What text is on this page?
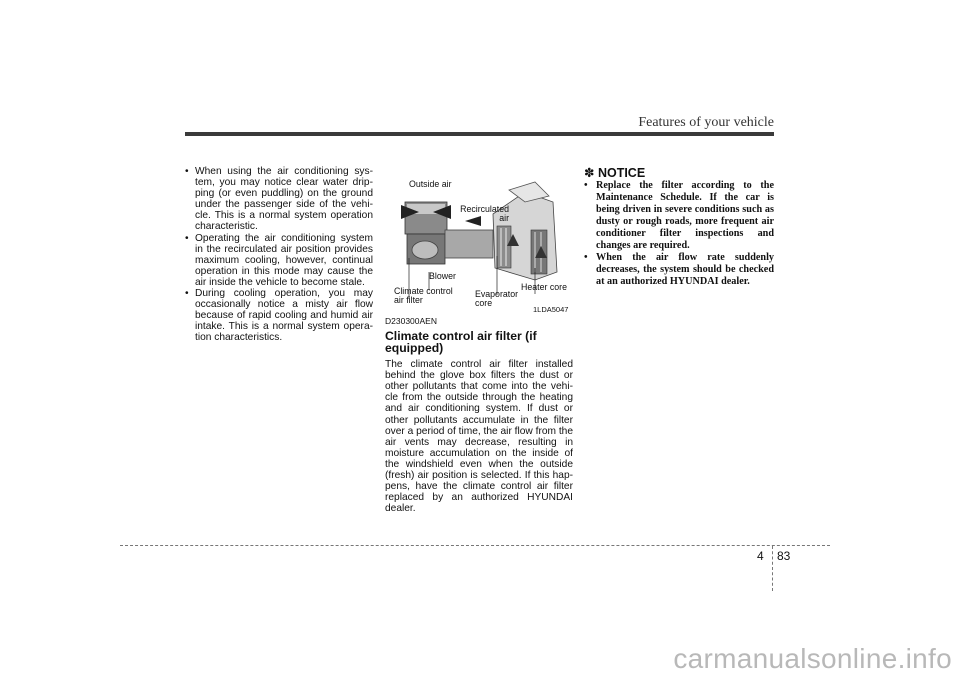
Features of your vehicle
• When using the air conditioning sys-tem, you may notice clear water drip-ping (or even puddling) on the ground under the passenger side of the vehi-cle. This is a normal system operation characteristic.
• Operating the air conditioning system in the recirculated air position provides maximum cooling, however, continual operation in this mode may cause the air inside the vehicle to become stale.
• During cooling operation, you may occasionally notice a misty air flow because of rapid cooling and humid air intake. This is a normal system opera-tion characteristics.
Outside air
Recirculated air
Blower
Climate control air filter
Evaporator core
Heater core
1LDA5047
D230300AEN
Climate control air filter (if equipped)
The climate control air filter installed behind the glove box filters the dust or other pollutants that come into the vehi-cle from the outside through the heating and air conditioning system. If dust or other pollutants accumulate in the filter over a period of time, the air flow from the air vents may decrease, resulting in moisture accumulation on the inside of the windshield even when the outside (fresh) air position is selected. If this hap-pens, have the climate control air filter replaced by an authorized HYUNDAI dealer.
✽ NOTICE
• Replace the filter according to the Maintenance Schedule. If the car is being driven in severe conditions such as dusty or rough roads, more frequent air conditioner filter inspections and changes are required.
• When the air flow rate suddenly decreases, the system should be checked at an authorized HYUNDAI dealer.
4 83
carmanualsonline.info
